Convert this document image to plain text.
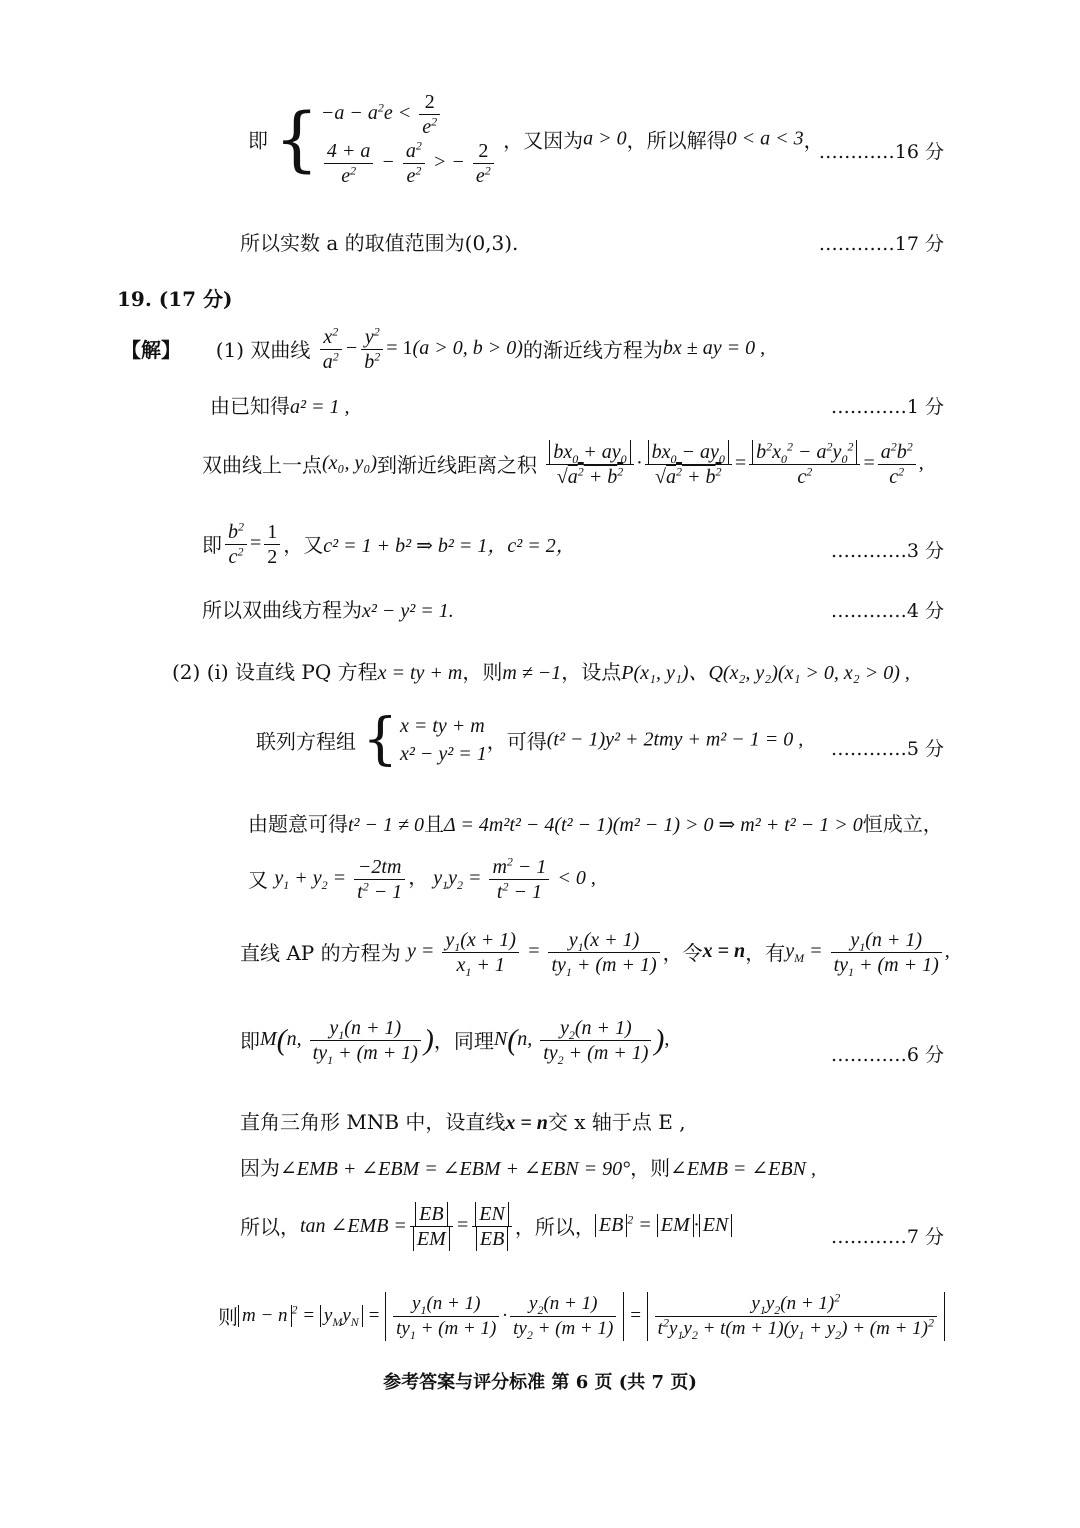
即 { $-a - a^2e < \frac{2}{e^2}$
$\frac{4 + a}{e^2} - \frac{a^2}{e^2}$ > − $\frac{2}{e^2}$ ，又因为a > 0，所以解得0 < a < 3，
…………16 分
所以实数 a 的取值范围为(0,3).	…………17 分
19. (17 分)
【解】 (1) 双曲线 $\frac{x^2}{a^2} - \frac{y^2}{b^2} = 1(a > 0$, b > 0)的渐近线方程为bx ± ay = 0 ,
由已知得a² = 1 ,	…………1 分
双曲线上一点(x₀, y₀)到渐近线距离之积 $\frac{bx_0 + ay_0}{√a^2 + b^2} \cdot \frac{bx_0 - ay_0}{√a^2 + b^2} = \frac{b^2x_0^2 - a^2y_0^2}{c^2} = \frac{a^2b^2}{c^2}$ ,
即 $\frac{b^2}{c^2} = \frac{1}{2}$ ，又c² = 1 + b² ⇒ b² = 1，c² = 2，	…………3 分
所以双曲线方程为x² − y² = 1.	…………4 分
(2) (i) 设直线 PQ 方程x = ty + m，则m ≠ −1，设点P(x₁, y₁)、Q(x₂, y₂)(x₁ > 0, x₂ > 0) ,
联列方程组 { x = ty + m
x² − y² = 1
，可得(t² − 1)y² + 2tmy + m² − 1 = 0 , …………5 分
由题意可得t² − 1 ≠ 0且Δ = 4m²t² − 4(t² − 1)(m² − 1) > 0 ⇒ m² + t² − 1 > 0恒成立，
又 $y_1 + y_2 = \frac{-2tm}{t^2 - 1}$ ， $y_1y_2 = \frac{m^2 - 1}{t^2 - 1} < 0$ ,
直线 AP 的方程为 $y = \frac{y_1(x + 1)}{x_1 + 1} = \frac{y_1(x + 1)}{ty_1 + (m + 1)}$ ，令x = n，有$y_M = \frac{y_1(n + 1)}{ty_1 + (m + 1)}$ ,
即M(n, $\frac{y_1(n + 1)}{ty_1 + (m + 1)}$ )，同理N(n, $\frac{y_2(n + 1)}{ty_2 + (m + 1)}$ ),
…………6 分
直角三角形 MNB 中，设直线x = n交 x 轴于点 E ,
因为∠EMB + ∠EBM = ∠EBM + ∠EBN = 90°，则∠EMB = ∠EBN ,
所以，tan ∠EMB = $\frac{EB}{EM} = \frac{EN}{EB}$ ，所以， EB $^2$ = EM · EN
…………7 分
则 m − n $^2 = y_My_N = \frac{y_1(n + 1)}{ty_1 + (m + 1)} \cdot \frac{y_2(n + 1)}{ty_2 + (m + 1)} = \frac{y_1y_2(n + 1)^2}{t^2y_1y_2 + t(m + 1)(y_1 + y_2) + (m + 1)^2}$
参考答案与评分标准 第 6 页 (共 7 页)
